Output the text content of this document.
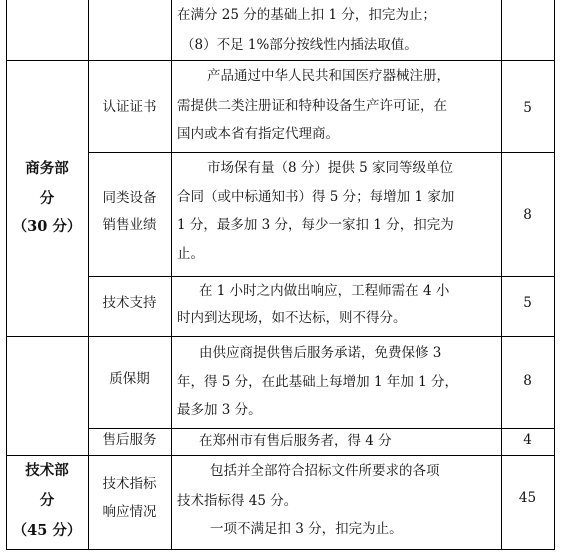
在满分 25 分的基础上扣 1 分，扣完为止；
（8）不足 1%部分按线性内插法取值。
商务部
分
（30 分）
认证证书
产品通过中华人民共和国医疗器械注册，
需提供二类注册证和特种设备生产许可证，在
国内或本省有指定代理商。
5
同类设备
销售业绩
市场保有量（8 分）提供 5 家同等级单位
合同（或中标通知书）得 5 分；每增加 1 家加
1 分，最多加 3 分，每少一家扣 1 分，扣完为
止。
8
技术支持
在 1 小时之内做出响应，工程师需在 4 小
时内到达现场，如不达标，则不得分。
5
质保期
由供应商提供售后服务承诺，免费保修 3
年，得 5 分，在此基础上每增加 1 年加 1 分，
最多加 3 分。
8
售后服务	在郑州市有售后服务者，得 4 分	4
技术部
分
（45 分）
技术指标
响应情况
包括并全部符合招标文件所要求的各项
技术指标得 45 分。
一项不满足扣 3 分，扣完为止。
45
